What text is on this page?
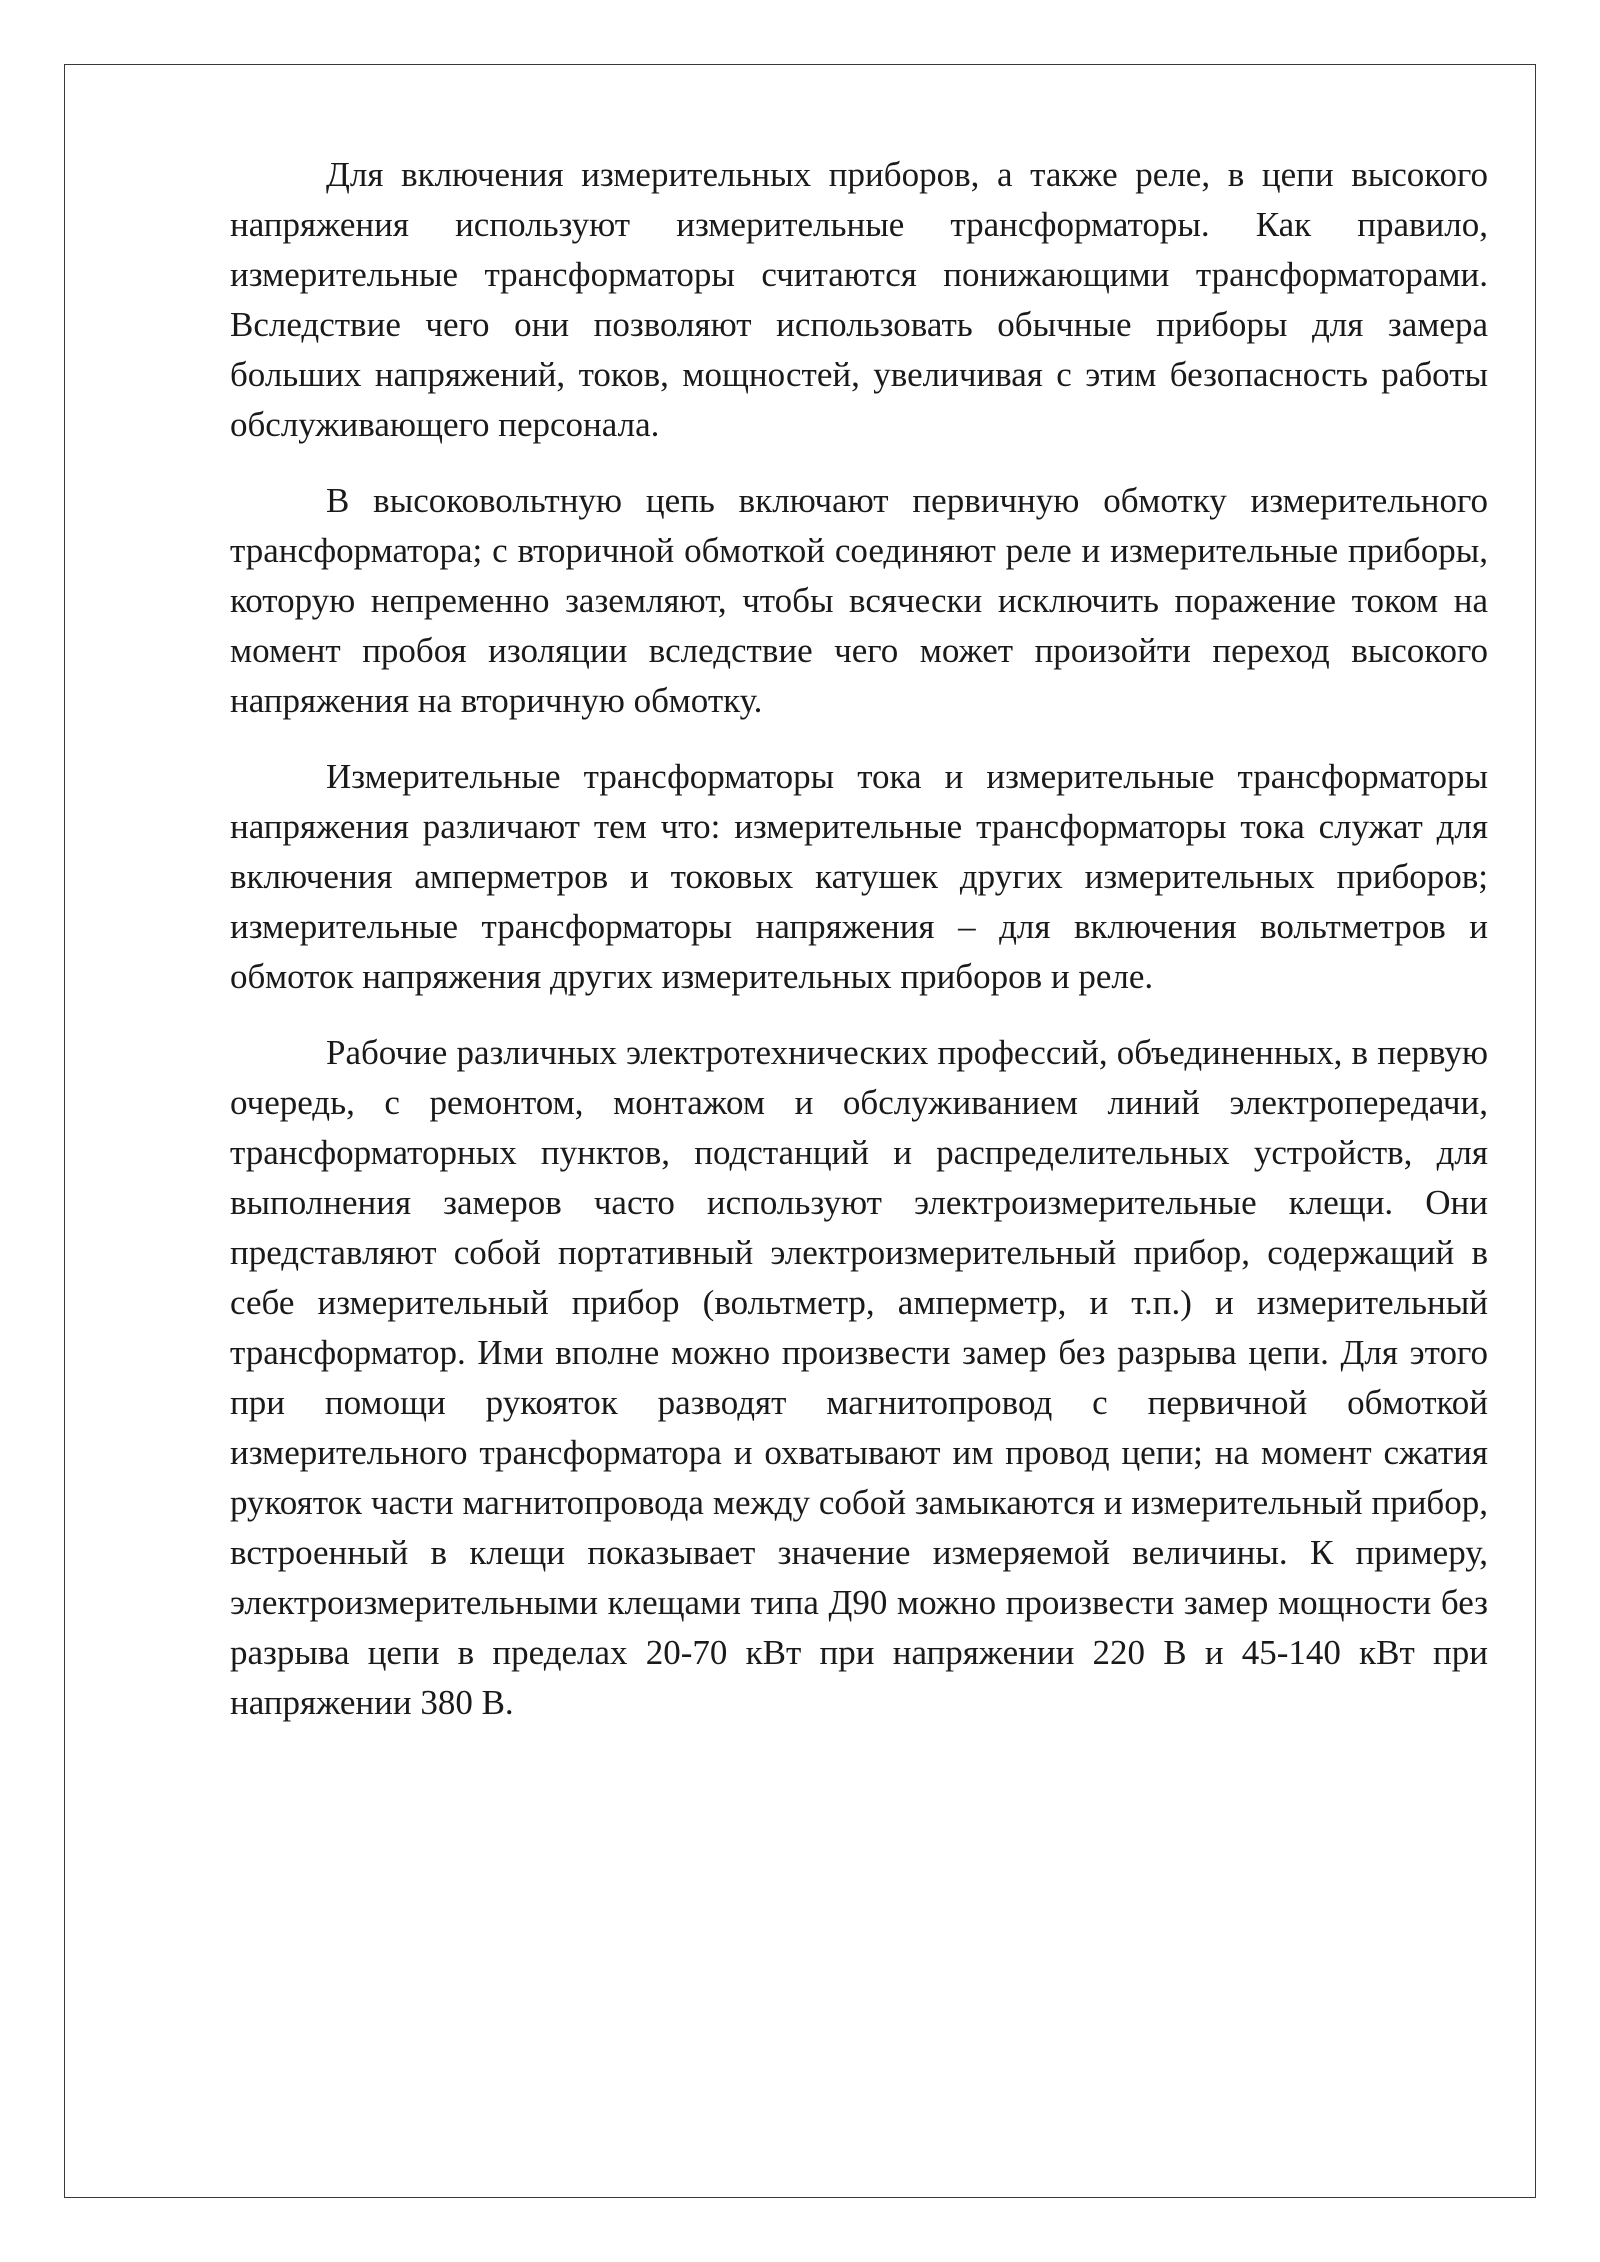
Для включения измерительных приборов, а также реле, в цепи высокого напряжения используют измерительные трансформаторы. Как правило, измерительные трансформаторы считаются понижающими трансформаторами. Вследствие чего они позволяют использовать обычные приборы для замера больших напряжений, токов, мощностей, увеличивая с этим безопасность работы обслуживающего персонала.

В высоковольтную цепь включают первичную обмотку измерительного трансформатора; с вторичной обмоткой соединяют реле и измерительные приборы, которую непременно заземляют, чтобы всячески исключить поражение током на момент пробоя изоляции вследствие чего может произойти переход высокого напряжения на вторичную обмотку.

Измерительные трансформаторы тока и измерительные трансформаторы напряжения различают тем что: измерительные трансформаторы тока служат для включения амперметров и токовых катушек других измерительных приборов; измерительные трансформаторы напряжения – для включения вольтметров и обмоток напряжения других измерительных приборов и реле.

Рабочие различных электротехнических профессий, объединенных, в первую очередь, с ремонтом, монтажом и обслуживанием линий электропередачи, трансформаторных пунктов, подстанций и распределительных устройств, для выполнения замеров часто используют электроизмерительные клещи. Они представляют собой портативный электроизмерительный прибор, содержащий в себе измерительный прибор (вольтметр, амперметр, и т.п.) и измерительный трансформатор. Ими вполне можно произвести замер без разрыва цепи. Для этого при помощи рукояток разводят магнитопровод с первичной обмоткой измерительного трансформатора и охватывают им провод цепи; на момент сжатия рукояток части магнитопровода между собой замыкаются и измерительный прибор, встроенный в клещи показывает значение измеряемой величины. К примеру, электроизмерительными клещами типа Д90 можно произвести замер мощности без разрыва цепи в пределах 20-70 кВт при напряжении 220 В и 45-140 кВт при напряжении 380 В.
